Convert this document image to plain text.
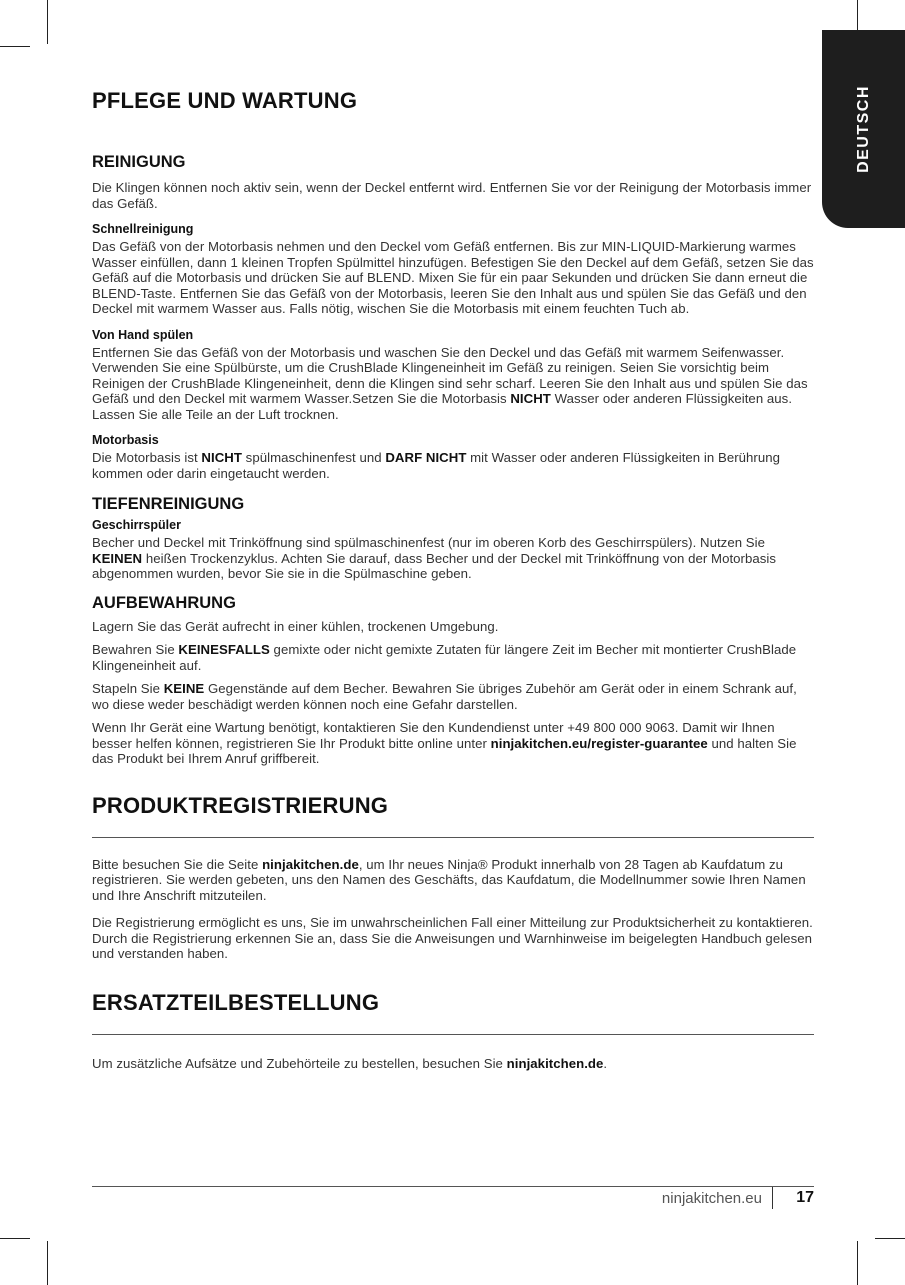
DEUTSCH
PFLEGE UND WARTUNG
REINIGUNG

Die Klingen können noch aktiv sein, wenn der Deckel entfernt wird. Entfernen Sie vor der Reinigung der Motorbasis immer das Gefäß.

Schnellreinigung

Das Gefäß von der Motorbasis nehmen und den Deckel vom Gefäß entfernen. Bis zur MIN-LIQUID-Markierung warmes Wasser einfüllen, dann 1 kleinen Tropfen Spülmittel hinzufügen. Befestigen Sie den Deckel auf dem Gefäß, setzen Sie das Gefäß auf die Motorbasis und drücken Sie auf BLEND. Mixen Sie für ein paar Sekunden und drücken Sie dann erneut die BLEND-Taste. Entfernen Sie das Gefäß von der Motorbasis, leeren Sie den Inhalt aus und spülen Sie das Gefäß und den Deckel mit warmem Wasser aus. Falls nötig, wischen Sie die Motorbasis mit einem feuchten Tuch ab.

Von Hand spülen

Entfernen Sie das Gefäß von der Motorbasis und waschen Sie den Deckel und das Gefäß mit warmem Seifenwasser. Verwenden Sie eine Spülbürste, um die CrushBlade Klingeneinheit im Gefäß zu reinigen. Seien Sie vorsichtig beim Reinigen der CrushBlade Klingeneinheit, denn die Klingen sind sehr scharf. Leeren Sie den Inhalt aus und spülen Sie das Gefäß und den Deckel mit warmem Wasser.Setzen Sie die Motorbasis NICHT Wasser oder anderen Flüssigkeiten aus. Lassen Sie alle Teile an der Luft trocknen.

Motorbasis

Die Motorbasis ist NICHT spülmaschinenfest und DARF NICHT mit Wasser oder anderen Flüssigkeiten in Berührung kommen oder darin eingetaucht werden.

TIEFENREINIGUNG
Geschirrspüler

Becher und Deckel mit Trinköffnung sind spülmaschinenfest (nur im oberen Korb des Geschirrspülers). Nutzen Sie KEINEN heißen Trockenzyklus. Achten Sie darauf, dass Becher und der Deckel mit Trinköffnung von der Motorbasis abgenommen wurden, bevor Sie sie in die Spülmaschine geben.

AUFBEWAHRUNG

Lagern Sie das Gerät aufrecht in einer kühlen, trockenen Umgebung.

Bewahren Sie KEINESFALLS gemixte oder nicht gemixte Zutaten für längere Zeit im Becher mit montierter CrushBlade Klingeneinheit auf.

Stapeln Sie KEINE Gegenstände auf dem Becher. Bewahren Sie übriges Zubehör am Gerät oder in einem Schrank auf, wo diese weder beschädigt werden können noch eine Gefahr darstellen.

Wenn Ihr Gerät eine Wartung benötigt, kontaktieren Sie den Kundendienst unter +49 800 000 9063. Damit wir Ihnen besser helfen können, registrieren Sie Ihr Produkt bitte online unter ninjakitchen.eu/register-guarantee und halten Sie das Produkt bei Ihrem Anruf griffbereit.

PRODUKTREGISTRIERUNG

Bitte besuchen Sie die Seite ninjakitchen.de, um Ihr neues Ninja® Produkt innerhalb von 28 Tagen ab Kaufdatum zu registrieren. Sie werden gebeten, uns den Namen des Geschäfts, das Kaufdatum, die Modellnummer sowie Ihren Namen und Ihre Anschrift mitzuteilen.

Die Registrierung ermöglicht es uns, Sie im unwahrscheinlichen Fall einer Mitteilung zur Produktsicherheit zu kontaktieren. Durch die Registrierung erkennen Sie an, dass Sie die Anweisungen und Warnhinweise im beigelegten Handbuch gelesen und verstanden haben.

ERSATZTEILBESTELLUNG

Um zusätzliche Aufsätze und Zubehörteile zu bestellen, besuchen Sie ninjakitchen.de.

ninjakitchen.eu	17
